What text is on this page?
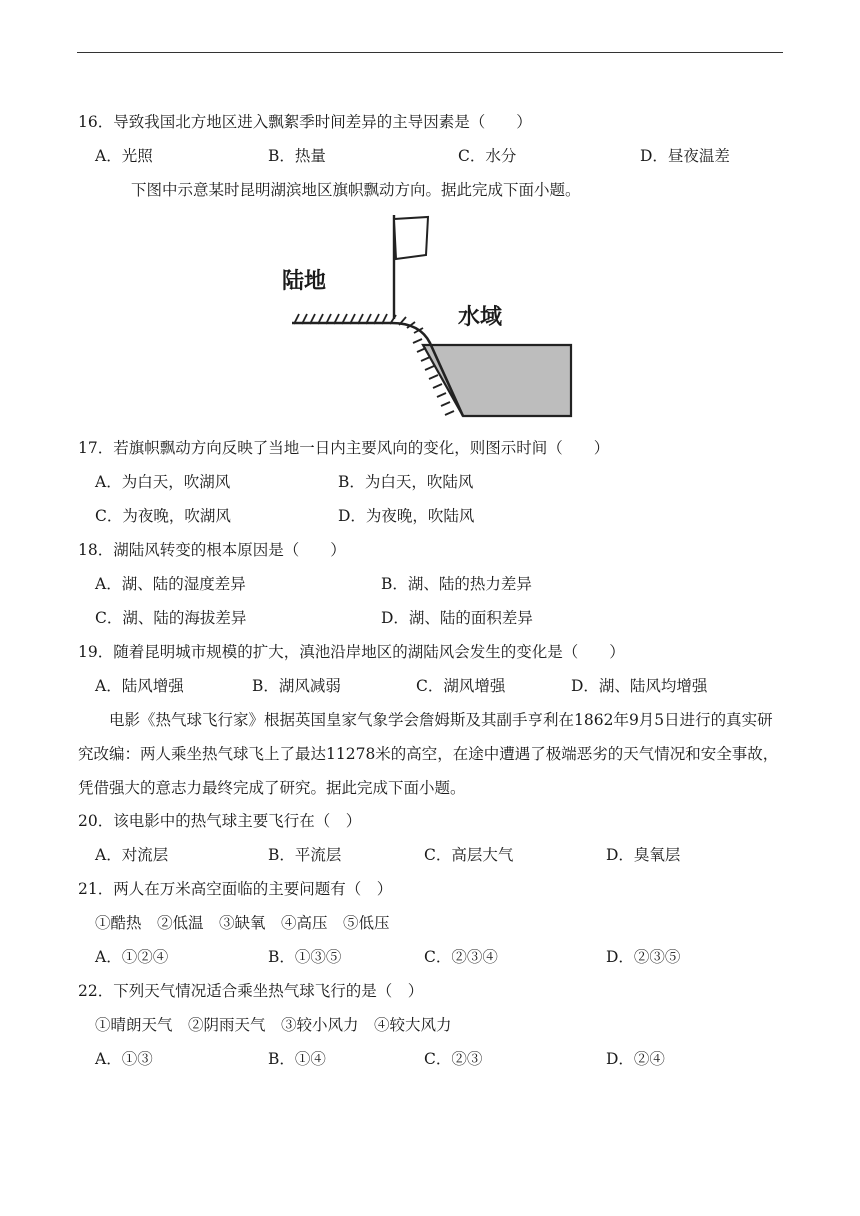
16．导致我国北方地区进入飘絮季时间差异的主导因素是（　　）
A．光照	B．热量	C．水分	D．昼夜温差
下图中示意某时昆明湖滨地区旗帜飘动方向。据此完成下面小题。
陆地
水域
17．若旗帜飘动方向反映了当地一日内主要风向的变化，则图示时间（　　）
A．为白天，吹湖风	B．为白天，吹陆风
C．为夜晚，吹湖风	D．为夜晚，吹陆风
18．湖陆风转变的根本原因是（　　）
A．湖、陆的湿度差异	B．湖、陆的热力差异
C．湖、陆的海拔差异	D．湖、陆的面积差异
19．随着昆明城市规模的扩大，滇池沿岸地区的湖陆风会发生的变化是（　　）
A．陆风增强	B．湖风减弱	C．湖风增强	D．湖、陆风均增强
电影《热气球飞行家》根据英国皇家气象学会詹姆斯及其副手亨利在1862年9月5日进行的真实研究改编：两人乘坐热气球飞上了最达11278米的高空，在途中遭遇了极端恶劣的天气情况和安全事故，凭借强大的意志力最终完成了研究。据此完成下面小题。
20．该电影中的热气球主要飞行在（　）
A．对流层	B．平流层	C．高层大气	D．臭氧层
21．两人在万米高空面临的主要问题有（　）
①酷热　②低温　③缺氧　④高压　⑤低压
A．①②④	B．①③⑤	C．②③④	D．②③⑤
22．下列天气情况适合乘坐热气球飞行的是（　）
①晴朗天气　②阴雨天气　③较小风力　④较大风力
A．①③	B．①④	C．②③	D．②④
